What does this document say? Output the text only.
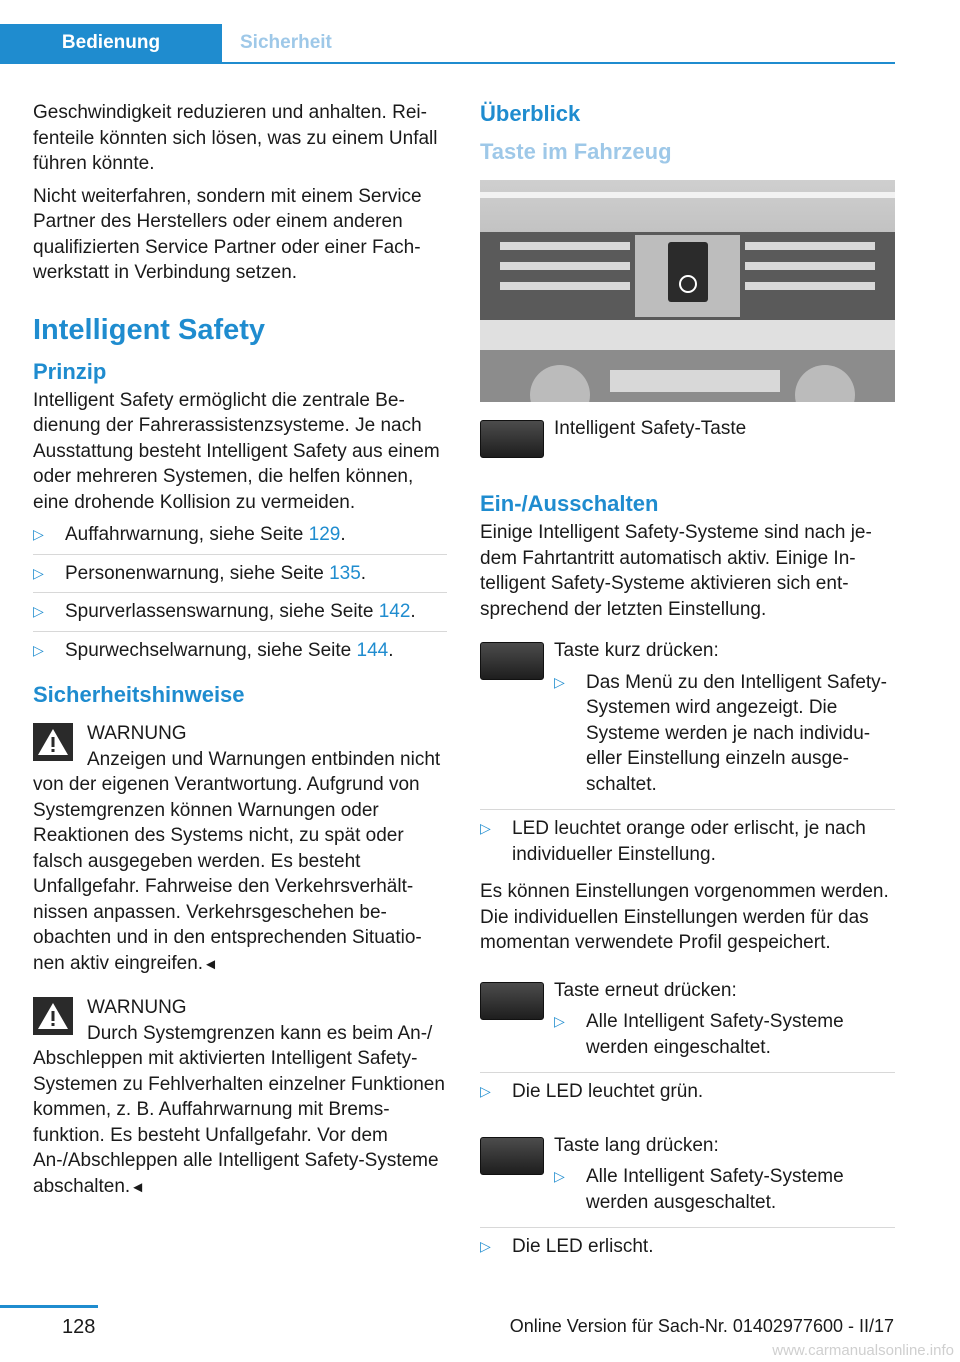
Bedienung	Sicherheit

Geschwindigkeit reduzieren und anhalten. Reifenteile könnten sich lösen, was zu einem Unfall führen könnte.

Nicht weiterfahren, sondern mit einem Service Partner des Herstellers oder einem anderen qualifizierten Service Partner oder einer Fachwerkstatt in Verbindung setzen.

Intelligent Safety
Prinzip

Intelligent Safety ermöglicht die zentrale Bedienung der Fahrerassistenzsysteme. Je nach Ausstattung besteht Intelligent Safety aus einem oder mehreren Systemen, die helfen können, eine drohende Kollision zu vermeiden.

▷ Auffahrwarnung, siehe Seite 129.
▷ Personenwarnung, siehe Seite 135.
▷ Spurverlassenswarnung, siehe Seite 142.
▷ Spurwechselwarnung, siehe Seite 144.
Sicherheitshinweise
WARNUNG
Anzeigen und Warnungen entbinden nicht von der eigenen Verantwortung. Aufgrund von Systemgrenzen können Warnungen oder Reaktionen des Systems nicht, zu spät oder falsch ausgegeben werden. Es besteht Unfallgefahr. Fahrweise den Verkehrsverhältnissen anpassen. Verkehrsgeschehen beobachten und in den entsprechenden Situationen aktiv eingreifen.◄
WARNUNG
Durch Systemgrenzen kann es beim An-/ Abschleppen mit aktivierten Intelligent Safety-Systemen zu Fehlverhalten einzelner Funktionen kommen, z. B. Auffahrwarnung mit Bremsfunktion. Es besteht Unfallgefahr. Vor dem An-/Abschleppen alle Intelligent Safety-Systeme abschalten.◄
Überblick
Taste im Fahrzeug
Intelligent Safety-Taste
Ein-/Ausschalten

Einige Intelligent Safety-Systeme sind nach jedem Fahrtantritt automatisch aktiv. Einige Intelligent Safety-Systeme aktivieren sich entsprechend der letzten Einstellung.

Taste kurz drücken:
▷ Das Menü zu den Intelligent Safety-Systemen wird angezeigt. Die Systeme werden je nach individueller Einstellung einzeln ausgeschaltet.
▷ LED leuchtet orange oder erlischt, je nach individueller Einstellung.

Es können Einstellungen vorgenommen werden. Die individuellen Einstellungen werden für das momentan verwendete Profil gespeichert.

Taste erneut drücken:
▷ Alle Intelligent Safety-Systeme werden eingeschaltet.
▷ Die LED leuchtet grün.
Taste lang drücken:
▷ Alle Intelligent Safety-Systeme werden ausgeschaltet.
▷ Die LED erlischt.
128	Online Version für Sach-Nr. 01402977600 - II/17
www.carmanualsonline.info
